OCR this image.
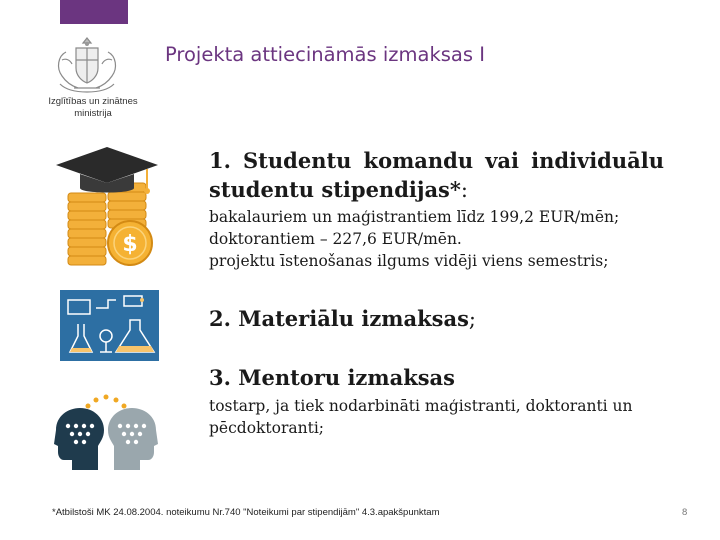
Izglītības un zinātnes
ministrija
Projekta attiecināmās izmaksas I
$
1. Studentu komandu vai individuālu
studentu stipendijas*:
bakalauriem un maģistrantiem līdz 199,2 EUR/mēn;
doktorantiem – 227,6 EUR/mēn.
projektu īstenošanas ilgums vidēji viens semestris;
2. Materiālu izmaksas;
3. Mentoru izmaksas
tostarp, ja tiek nodarbināti maģistranti, doktoranti un
pēcdoktoranti;
*Atbilstoši MK 24.08.2004. noteikumu Nr.740 "Noteikumi par stipendijām" 4.3.apakšpunktam	8
